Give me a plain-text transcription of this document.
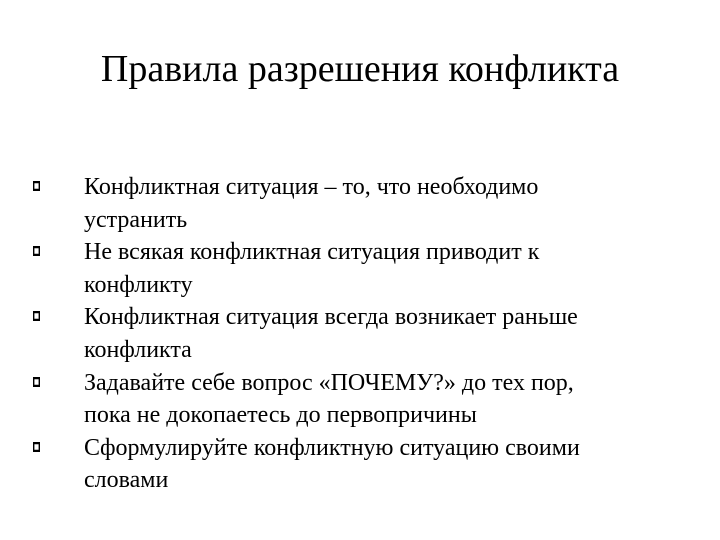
Правила разрешения конфликта
Конфликтная ситуация – то, что необходимо
устранить
Не всякая конфликтная ситуация приводит к
конфликту
Конфликтная ситуация всегда возникает раньше
конфликта
Задавайте себе вопрос «ПОЧЕМУ?» до тех пор,
пока не докопаетесь до первопричины
Сформулируйте конфликтную ситуацию своими
словами
